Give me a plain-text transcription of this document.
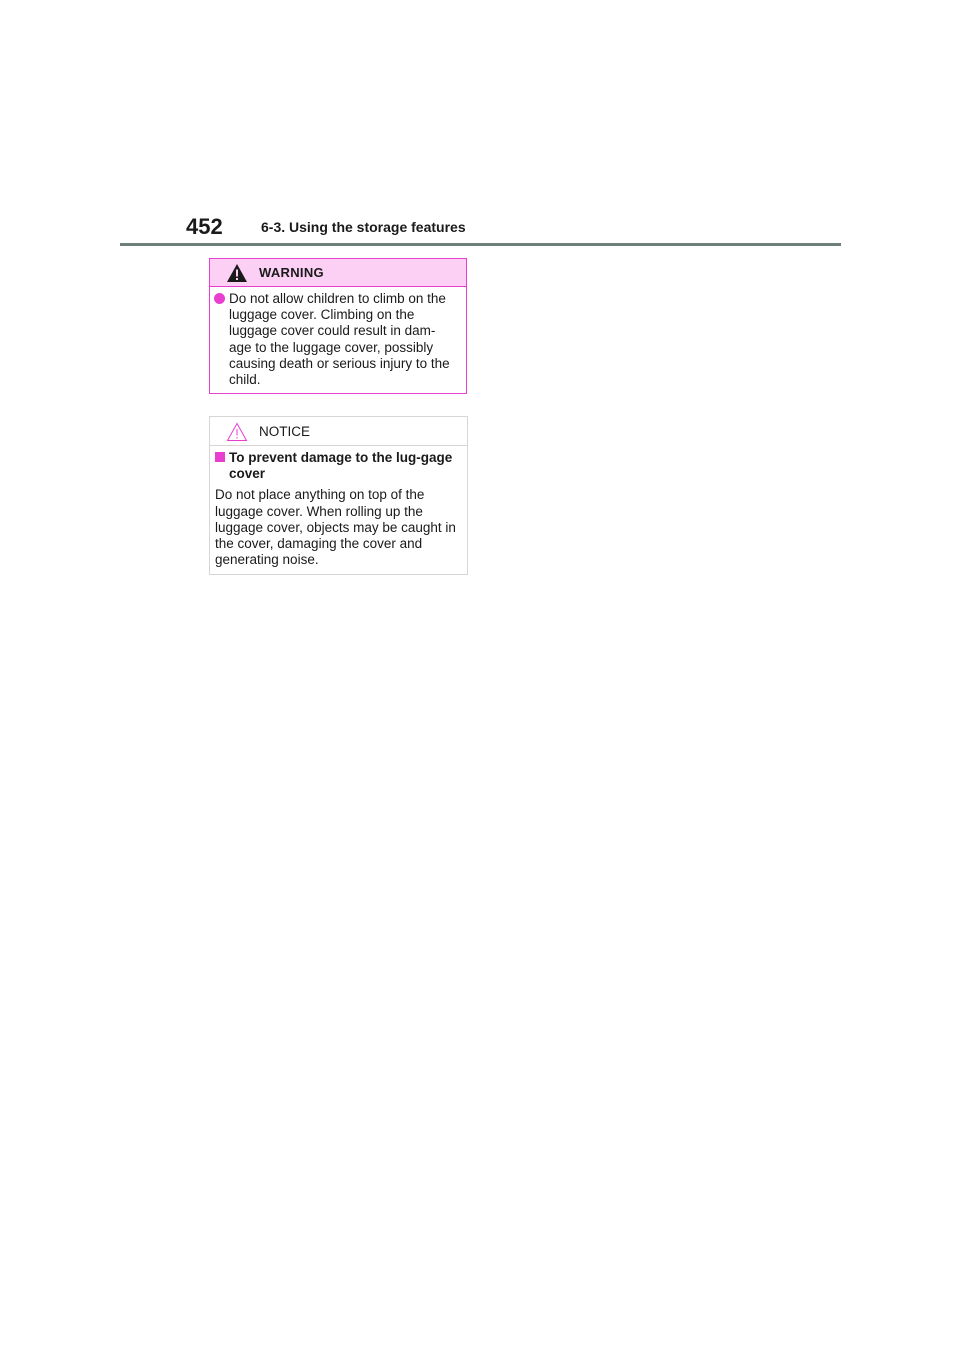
452	6-3. Using the storage features
WARNING
Do not allow children to climb on the luggage cover. Climbing on the luggage cover could result in dam-age to the luggage cover, possibly causing death or serious injury to the child.
NOTICE
To prevent damage to the lug-gage cover
Do not place anything on top of the luggage cover. When rolling up the luggage cover, objects may be caught in the cover, damaging the cover and generating noise.
